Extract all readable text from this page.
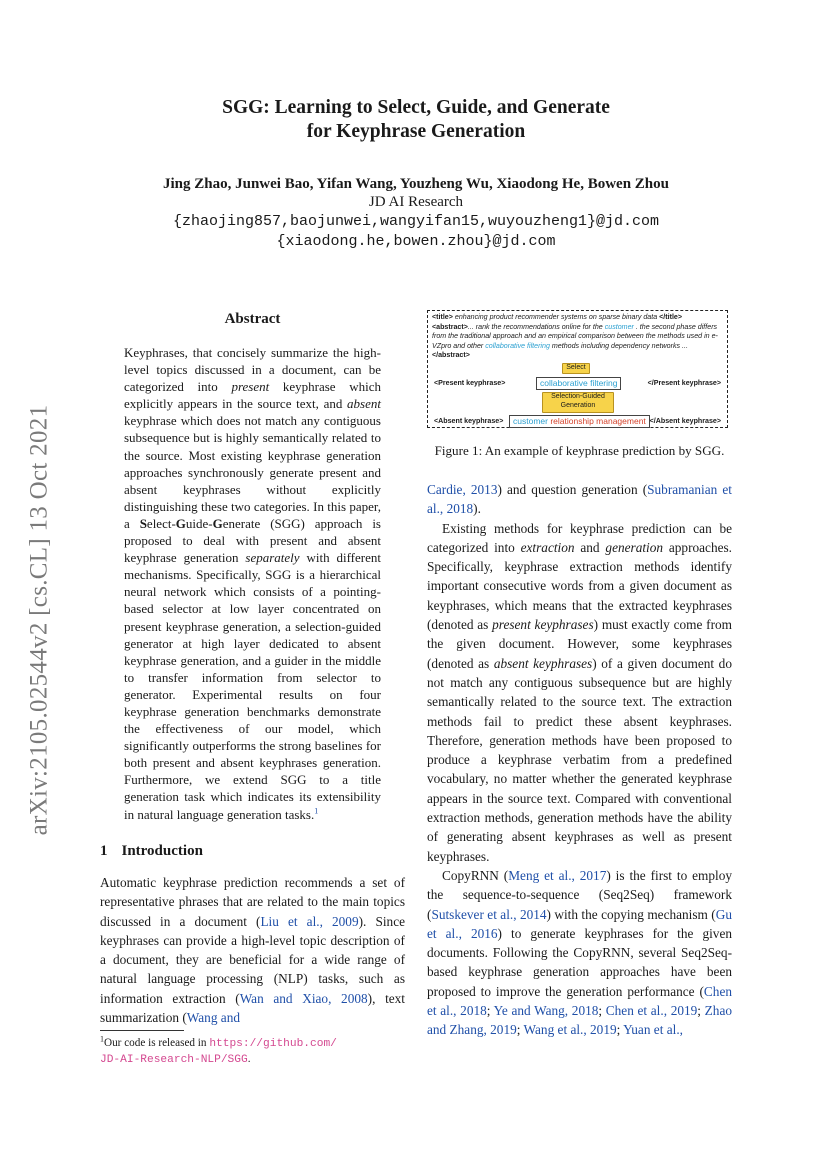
arXiv:2105.02544v2 [cs.CL] 13 Oct 2021
SGG: Learning to Select, Guide, and Generate
for Keyphrase Generation
Jing Zhao, Junwei Bao, Yifan Wang, Youzheng Wu, Xiaodong He, Bowen Zhou
JD AI Research
{zhaojing857,baojunwei,wangyifan15,wuyouzheng1}@jd.com
{xiaodong.he,bowen.zhou}@jd.com
Abstract
Keyphrases, that concisely summarize the high-level topics discussed in a document, can be categorized into present keyphrase which explicitly appears in the source text, and absent keyphrase which does not match any contiguous subsequence but is highly semantically related to the source. Most existing keyphrase generation approaches synchronously generate present and absent keyphrases without explicitly distinguishing these two categories. In this paper, a Select-Guide-Generate (SGG) approach is proposed to deal with present and absent keyphrase generation separately with different mechanisms. Specifically, SGG is a hierarchical neural network which consists of a pointing-based selector at low layer concentrated on present keyphrase generation, a selection-guided generator at high layer dedicated to absent keyphrase generation, and a guider in the middle to transfer information from selector to generator. Experimental results on four keyphrase generation benchmarks demonstrate the effectiveness of our model, which significantly outperforms the strong baselines for both present and absent keyphrases generation. Furthermore, we extend SGG to a title generation task which indicates its extensibility in natural language generation tasks.$^1$
1 Introduction
Automatic keyphrase prediction recommends a set of representative phrases that are related to the main topics discussed in a document (Liu et al., 2009). Since keyphrases can provide a high-level topic description of a document, they are beneficial for a wide range of natural language processing (NLP) tasks, such as information extraction (Wan and Xiao, 2008), text summarization (Wang and
$^1$Our code is released in https://github.com/
JD-AI-Research-NLP/SGG.
<title> enhancing product recommender systems on sparse binary data </title>
<abstract>... rank the recommendations online for the customer . the second phase differs from the traditional approach and an empirical comparison between the methods used in e-VZpro and other collaborative filtering methods including dependency networks ...</abstract>
Select
<Present keyphrase>	collaborative filtering	</Present keyphrase>
Selection-Guided
Generation
<Absent keyphrase>	customer relationship management </Absent keyphrase>
Figure 1: An example of keyphrase prediction by SGG.

Cardie, 2013) and question generation (Subramanian et al., 2018).

Existing methods for keyphrase prediction can be categorized into extraction and generation approaches. Specifically, keyphrase extraction methods identify important consecutive words from a given document as keyphrases, which means that the extracted keyphrases (denoted as present keyphrases) must exactly come from the given document. However, some keyphrases (denoted as absent keyphrases) of a given document do not match any contiguous subsequence but are highly semantically related to the source text. The extraction methods fail to predict these absent keyphrases. Therefore, generation methods have been proposed to produce a keyphrase verbatim from a predefined vocabulary, no matter whether the generated keyphrase appears in the source text. Compared with conventional extraction methods, generation methods have the ability of generating absent keyphrases as well as present keyphrases.

CopyRNN (Meng et al., 2017) is the first to employ the sequence-to-sequence (Seq2Seq) framework (Sutskever et al., 2014) with the copying mechanism (Gu et al., 2016) to generate keyphrases for the given documents. Following the CopyRNN, several Seq2Seq-based keyphrase generation approaches have been proposed to improve the generation performance (Chen et al., 2018; Ye and Wang, 2018; Chen et al., 2019; Zhao and Zhang, 2019; Wang et al., 2019; Yuan et al.,
